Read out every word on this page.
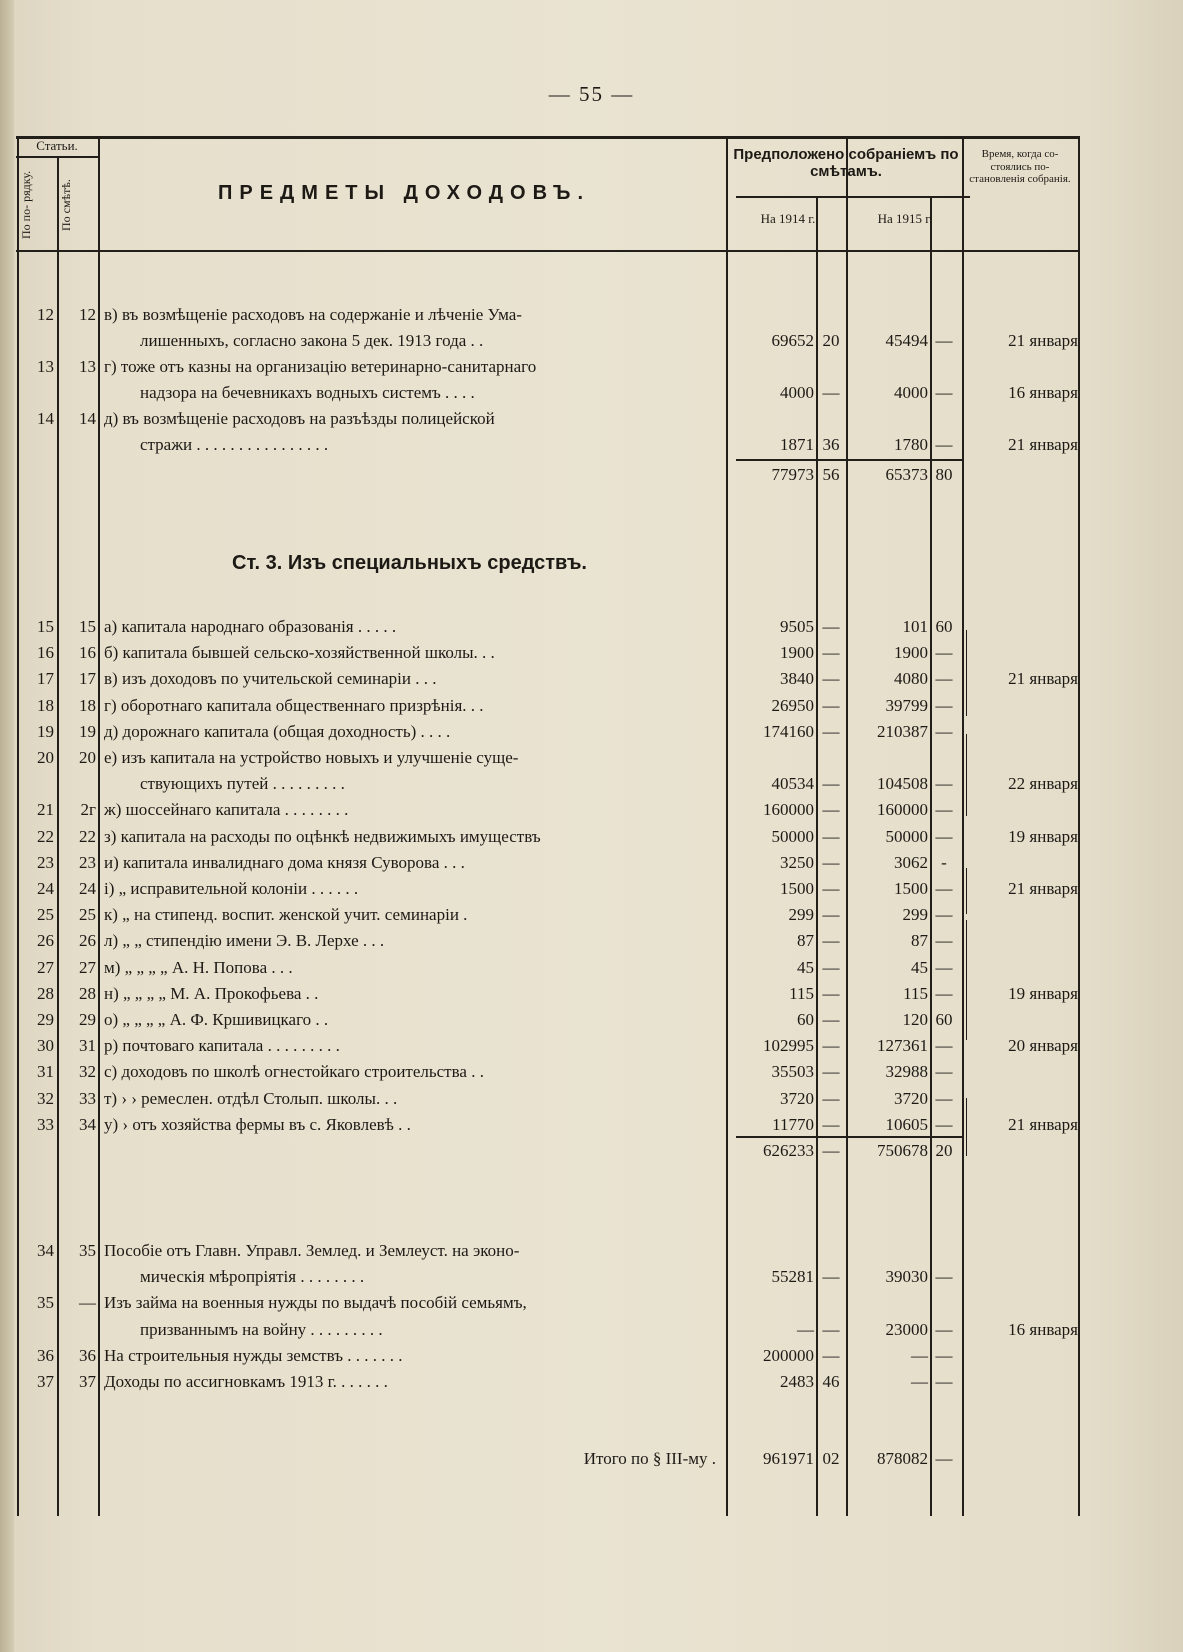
— 55 —
Статьи.
По по- рядку.	По смѣтѣ.	ПРЕДМЕТЫ ДОХОДОВЪ.
Предположено собраніемъ по смѣтамъ.
На 1914 г.	На 1915 г.
Время, когда со- стоялись по- становленія собранія.
12	12 в) въ возмѣщеніе расходовъ на содержаніе и лѣченіе Ума-
лишенныхъ, согласно закона 5 дек. 1913 года . .	69652 20	45494 —	21 января
13	13 г) тоже отъ казны на организацію ветеринарно-санитарнаго
надзора на бечевникахъ водныхъ системъ . . . .	4000 —	4000 —	16 января
14	14 д) въ возмѣщеніе расходовъ на разъѣзды полицейской
стражи . . . . . . . . . . . . . . . .	1871 36	1780 —	21 января
77973 56	65373 80
Ст. 3. Изъ специальныхъ средствъ.
15	15 а) капитала народнаго образованія . . . . .	9505 —	101 60
16	16 б) капитала бывшей сельско-хозяйственной школы. . .	1900 —	1900 —
17	17 в) изъ доходовъ по учительской семинаріи . . .	3840 —	4080 —	21 января
18	18 г) оборотнаго капитала общественнаго призрѣнія. . .	26950 —	39799 —
19	19 д) дорожнаго капитала (общая доходность) . . . .	174160 —	210387 —
20	20 е) изъ капитала на устройство новыхъ и улучшеніе суще-
ствующихъ путей . . . . . . . . .	40534 —	104508 —	22 января
21	2г ж) шоссейнаго капитала . . . . . . . .	160000 —	160000 —
22	22 з) капитала на расходы по оцѣнкѣ недвижимыхъ имуществъ	50000 —	50000 —	19 января
23	23 и) капитала инвалиднаго дома князя Суворова . . .	3250 —	3062 -
24	24 і) „ исправительной колоніи . . . . . .	1500 —	1500 —	21 января
25	25 к) „ на стипенд. воспит. женской учит. семинаріи .	299 —	299 —
26	26 л) „ „ стипендію имени Э. В. Лерхе . . .	87 —	87 —
27	27 м) „ „ „ „ А. Н. Попова . . .	45 —	45 —
28	28 н) „ „ „ „ М. А. Прокофьева . .	115 —	115 —	19 января
29	29 о) „ „ „ „ А. Ф. Кршивицкаго . .	60 —	120 60
30	31 р) почтоваго капитала . . . . . . . . .	102995 —	127361 —	20 января
31	32 с) доходовъ по школѣ огнестойкаго строительства . .	35503 —	32988 —
32	33 т) › › ремеслен. отдѣл Столып. школы. . .	3720 —	3720 —
33	34 у) › отъ хозяйства фермы въ с. Яковлевѣ . .	11770 —	10605 —	21 января
626233 —	750678 20
34	35 Пособіе отъ Главн. Управл. Землед. и Землеуст. на эконо-
мическія мѣропріятія . . . . . . . .	55281 —	39030 —
35	— Изъ займа на военныя нужды по выдачѣ пособій семьямъ,
призваннымъ на войну . . . . . . . . .	— —	23000 —	16 января
36	36 На строительныя нужды земствъ . . . . . . .	200000 —	— —
37	37 Доходы по ассигновкамъ 1913 г. . . . . . .	2483 46	— —
Итого по § III-му .	961971 02	878082 —
